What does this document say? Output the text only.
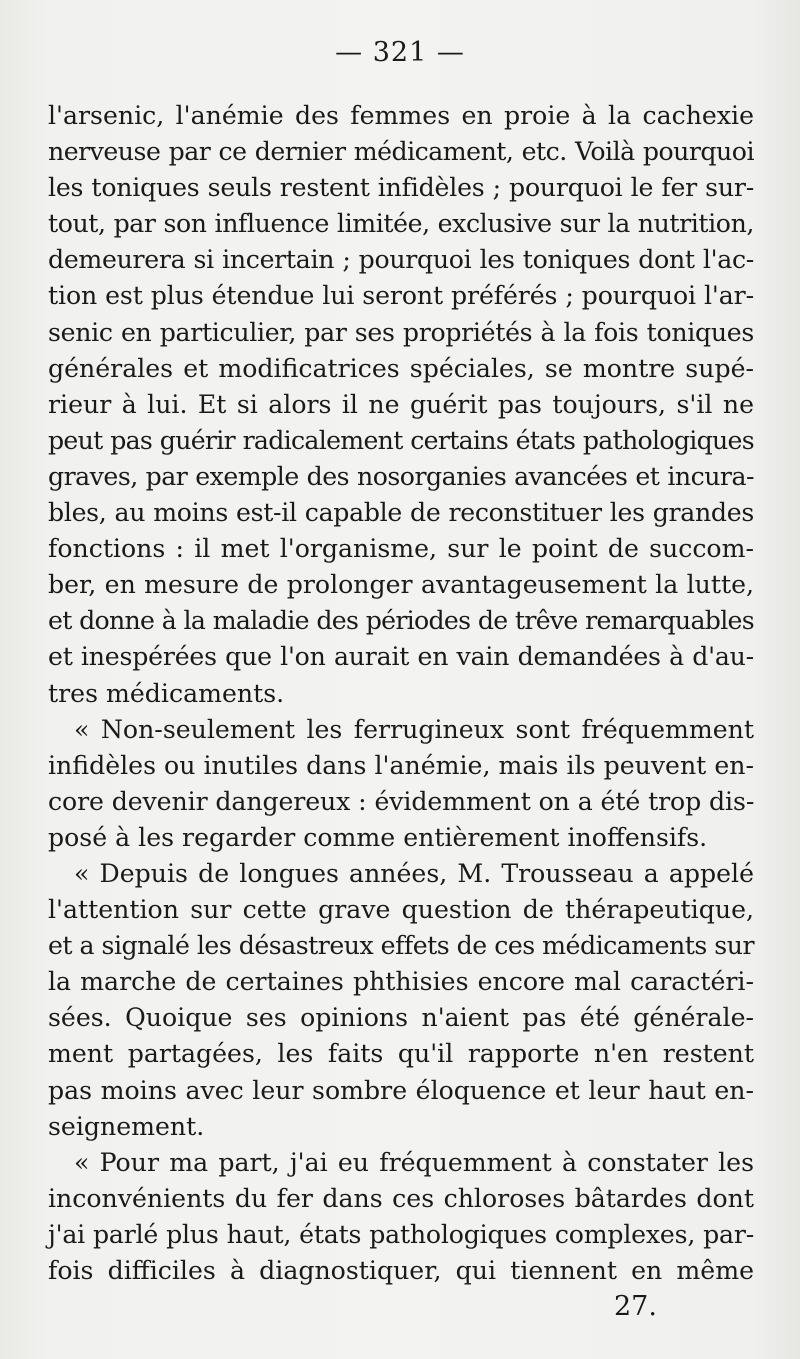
— 321 —
l'arsenic, l'anémie des femmes en proie à la cachexie
nerveuse par ce dernier médicament, etc. Voilà pourquoi
les toniques seuls restent infidèles ; pourquoi le fer sur-
tout, par son influence limitée, exclusive sur la nutrition,
demeurera si incertain ; pourquoi les toniques dont l'ac-
tion est plus étendue lui seront préférés ; pourquoi l'ar-
senic en particulier, par ses propriétés à la fois toniques
générales et modificatrices spéciales, se montre supé-
rieur à lui. Et si alors il ne guérit pas toujours, s'il ne
peut pas guérir radicalement certains états pathologiques
graves, par exemple des nosorganies avancées et incura-
bles, au moins est-il capable de reconstituer les grandes
fonctions : il met l'organisme, sur le point de succom-
ber, en mesure de prolonger avantageusement la lutte,
et donne à la maladie des périodes de trêve remarquables
et inespérées que l'on aurait en vain demandées à d'au-
tres médicaments.
« Non-seulement les ferrugineux sont fréquemment
infidèles ou inutiles dans l'anémie, mais ils peuvent en-
core devenir dangereux : évidemment on a été trop dis-
posé à les regarder comme entièrement inoffensifs.
« Depuis de longues années, M. Trousseau a appelé
l'attention sur cette grave question de thérapeutique,
et a signalé les désastreux effets de ces médicaments sur
la marche de certaines phthisies encore mal caractéri-
sées. Quoique ses opinions n'aient pas été générale-
ment partagées, les faits qu'il rapporte n'en restent
pas moins avec leur sombre éloquence et leur haut en-
seignement.
« Pour ma part, j'ai eu fréquemment à constater les
inconvénients du fer dans ces chloroses bâtardes dont
j'ai parlé plus haut, états pathologiques complexes, par-
fois difficiles à diagnostiquer, qui tiennent en même
27.
